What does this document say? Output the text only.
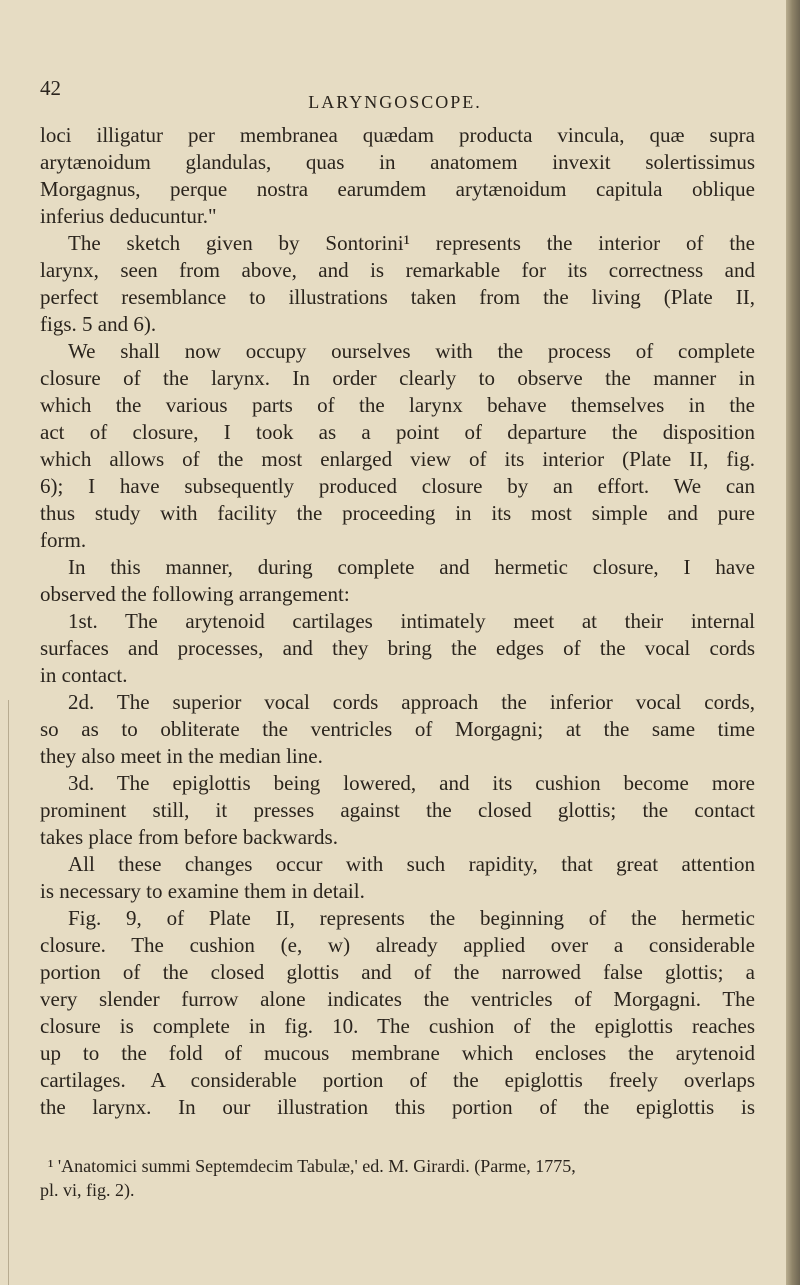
42
LARYNGOSCOPE.
loci illigatur per membranea quædam producta vincula, quæ supra
arytænoidum glandulas, quas in anatomem invexit solertissimus
Morgagnus, perque nostra earumdem arytænoidum capitula oblique
inferius deducuntur."
The sketch given by Sontorini¹ represents the interior of the
larynx, seen from above, and is remarkable for its correctness and
perfect resemblance to illustrations taken from the living (Plate II,
figs. 5 and 6).
We shall now occupy ourselves with the process of complete
closure of the larynx. In order clearly to observe the manner in
which the various parts of the larynx behave themselves in the
act of closure, I took as a point of departure the disposition
which allows of the most enlarged view of its interior (Plate II, fig.
6); I have subsequently produced closure by an effort. We can
thus study with facility the proceeding in its most simple and pure
form.
In this manner, during complete and hermetic closure, I have
observed the following arrangement:
1st. The arytenoid cartilages intimately meet at their internal
surfaces and processes, and they bring the edges of the vocal cords
in contact.
2d. The superior vocal cords approach the inferior vocal cords,
so as to obliterate the ventricles of Morgagni; at the same time
they also meet in the median line.
3d. The epiglottis being lowered, and its cushion become more
prominent still, it presses against the closed glottis; the contact
takes place from before backwards.
All these changes occur with such rapidity, that great attention
is necessary to examine them in detail.
Fig. 9, of Plate II, represents the beginning of the hermetic
closure. The cushion (e, w) already applied over a considerable
portion of the closed glottis and of the narrowed false glottis; a
very slender furrow alone indicates the ventricles of Morgagni. The
closure is complete in fig. 10. The cushion of the epiglottis reaches
up to the fold of mucous membrane which encloses the arytenoid
cartilages. A considerable portion of the epiglottis freely overlaps
the larynx. In our illustration this portion of the epiglottis is
¹ 'Anatomici summi Septemdecim Tabulæ,' ed. M. Girardi. (Parme, 1775,
pl. vi, fig. 2).
